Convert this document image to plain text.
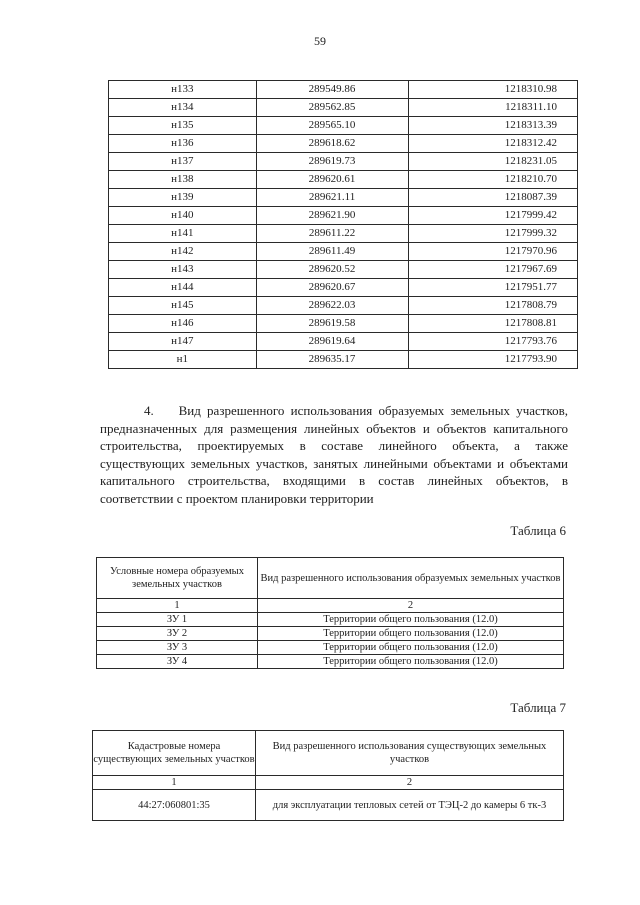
59
н133	289549.86	1218310.98
н134	289562.85	1218311.10
н135	289565.10	1218313.39
н136	289618.62	1218312.42
н137	289619.73	1218231.05
н138	289620.61	1218210.70
н139	289621.11	1218087.39
н140	289621.90	1217999.42
н141	289611.22	1217999.32
н142	289611.49	1217970.96
н143	289620.52	1217967.69
н144	289620.67	1217951.77
н145	289622.03	1217808.79
н146	289619.58	1217808.81
н147	289619.64	1217793.76
н1	289635.17	1217793.90
4. Вид разрешенного использования образуемых земельных участков, предназначенных для размещения линейных объектов и объектов капитального строительства, проектируемых в составе линейного объекта, а также существующих земельных участков, занятых линейными объектами и объектами капитального строительства, входящими в состав линейных объектов, в соответствии с проектом планировки территории
Таблица 6
Условные номера образуемых земельных участков	Вид разрешенного использования образуемых земельных участков
1	2
ЗУ 1	Территории общего пользования (12.0)
ЗУ 2	Территории общего пользования (12.0)
ЗУ 3	Территории общего пользования (12.0)
ЗУ 4	Территории общего пользования (12.0)
Таблица 7
Кадастровые номера существующих земельных участков	Вид разрешенного использования существующих земельных участков
1	2
44:27:060801:35	для эксплуатации тепловых сетей от ТЭЦ-2 до камеры 6 тк-3
